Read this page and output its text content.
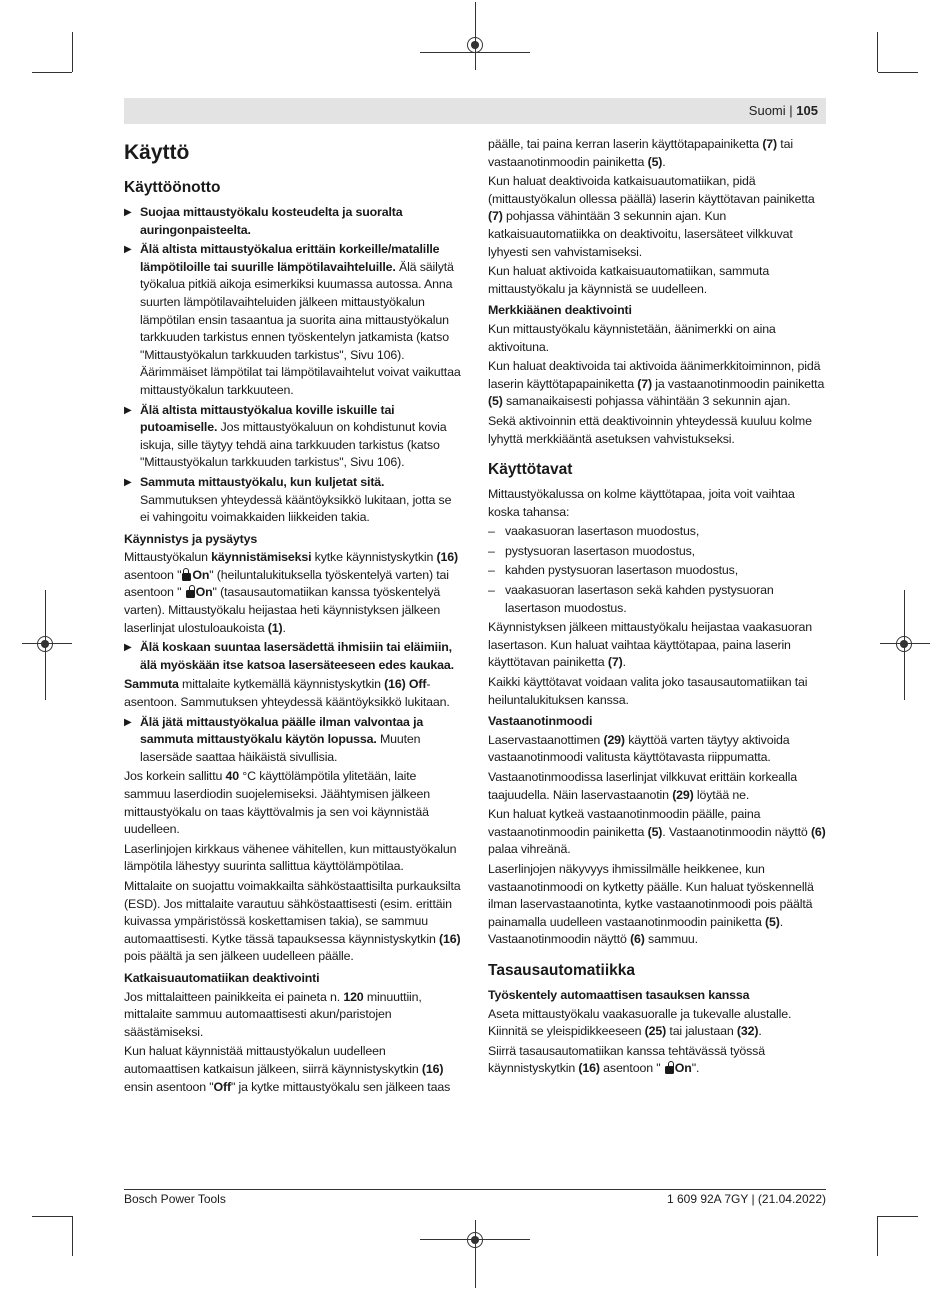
Suomi | 105
Käyttö
Käyttöönotto
▶ Suojaa mittaustyökalu kosteudelta ja suoralta auringonpaisteelta.
▶ Älä altista mittaustyökalua erittäin korkeille/matalille lämpötiloille tai suurille lämpötilavaihteluille. Älä säilytä työkalua pitkiä aikoja esimerkiksi kuumassa autossa. Anna suurten lämpötilavaihteluiden jälkeen mittaustyökalun lämpötilan ensin tasaantua ja suorita aina mittaustyökalun tarkkuuden tarkistus ennen työskentelyn jatkamista (katso "Mittaustyökalun tarkkuuden tarkistus", Sivu 106). Äärimmäiset lämpötilat tai lämpötilavaihtelut voivat vaikuttaa mittaustyökalun tarkkuuteen.
▶ Älä altista mittaustyökalua koville iskuille tai putoamiselle. Jos mittaustyökaluun on kohdistunut kovia iskuja, sille täytyy tehdä aina tarkkuuden tarkistus (katso "Mittaustyökalun tarkkuuden tarkistus", Sivu 106).
▶ Sammuta mittaustyökalu, kun kuljetat sitä. Sammutuksen yhteydessä kääntöyksikkö lukitaan, jotta se ei vahingoitu voimakkaiden liikkeiden takia.
Käynnistys ja pysäytys

Mittaustyökalun käynnistämiseksi kytke käynnistyskytkin (16) asentoon " On" (heiluntalukituksella työskentelyä varten) tai asentoon "
On" (tasausautomatiikan kanssa työskentelyä varten). Mittaustyökalu heijastaa heti käynnistyksen jälkeen laserlinjat ulostuloaukoista (1).

▶ Älä koskaan suuntaa lasersädettä ihmisiin tai eläimiin, älä myöskään itse katsoa lasersäteeseen edes kaukaa.

Sammuta mittalaite kytkemällä käynnistyskytkin (16) Off-asentoon. Sammutuksen yhteydessä kääntöyksikkö lukitaan.

▶ Älä jätä mittaustyökalua päälle ilman valvontaa ja sammuta mittaustyökalu käytön lopussa. Muuten lasersäde saattaa häikäistä sivullisia.

Jos korkein sallittu 40 °C käyttölämpötila ylitetään, laite sammuu laserdiodin suojelemiseksi. Jäähtymisen jälkeen mittaustyökalu on taas käyttövalmis ja sen voi käynnistää uudelleen.

Laserlinjojen kirkkaus vähenee vähitellen, kun mittaustyökalun lämpötila lähestyy suurinta sallittua käyttölämpötilaa.

Mittalaite on suojattu voimakkailta sähköstaattisilta purkauksilta (ESD). Jos mittalaite varautuu sähköstaattisesti (esim. erittäin kuivassa ympäristössä koskettamisen takia), se sammuu automaattisesti. Kytke tässä tapauksessa käynnistyskytkin (16) pois päältä ja sen jälkeen uudelleen päälle.

Katkaisuautomatiikan deaktivointi

Jos mittalaitteen painikkeita ei paineta n. 120 minuuttiin, mittalaite sammuu automaattisesti akun/paristojen säästämiseksi.

Kun haluat käynnistää mittaustyökalun uudelleen automaattisen katkaisun jälkeen, siirrä käynnistyskytkin (16) ensin asentoon "Off" ja kytke mittaustyökalu sen jälkeen taas

päälle, tai paina kerran laserin käyttötapapainiketta (7) tai vastaanotinmoodin painiketta (5).

Kun haluat deaktivoida katkaisuautomatiikan, pidä (mittaustyökalun ollessa päällä) laserin käyttötavan painiketta (7) pohjassa vähintään 3 sekunnin ajan. Kun katkaisuautomatiikka on deaktivoitu, lasersäteet vilkkuvat lyhyesti sen vahvistamiseksi.

Kun haluat aktivoida katkaisuautomatiikan, sammuta mittaustyökalu ja käynnistä se uudelleen.

Merkkiäänen deaktivointi

Kun mittaustyökalu käynnistetään, äänimerkki on aina aktivoituna.

Kun haluat deaktivoida tai aktivoida äänimerkkitoiminnon, pidä laserin käyttötapapainiketta (7) ja vastaanotinmoodin painiketta (5) samanaikaisesti pohjassa vähintään 3 sekunnin ajan.

Sekä aktivoinnin että deaktivoinnin yhteydessä kuuluu kolme lyhyttä merkkiääntä asetuksen vahvistukseksi.

Käyttötavat

Mittaustyökalussa on kolme käyttötapaa, joita voit vaihtaa koska tahansa:

– vaakasuoran lasertason muodostus,
– pystysuoran lasertason muodostus,
– kahden pystysuoran lasertason muodostus,
– vaakasuoran lasertason sekä kahden pystysuoran lasertason muodostus.

Käynnistyksen jälkeen mittaustyökalu heijastaa vaakasuoran lasertason. Kun haluat vaihtaa käyttötapaa, paina laserin käyttötavan painiketta (7).

Kaikki käyttötavat voidaan valita joko tasausautomatiikan tai heiluntalukituksen kanssa.

Vastaanotinmoodi

Laservastaanottimen (29) käyttöä varten täytyy aktivoida vastaanotinmoodi valitusta käyttötavasta riippumatta.

Vastaanotinmoodissa laserlinjat vilkkuvat erittäin korkealla taajuudella. Näin laservastaanotin (29) löytää ne.

Kun haluat kytkeä vastaanotinmoodin päälle, paina vastaanotinmoodin painiketta (5). Vastaanotinmoodin näyttö (6) palaa vihreänä.

Laserlinjojen näkyvyys ihmissilmälle heikkenee, kun vastaanotinmoodi on kytketty päälle. Kun haluat työskennellä ilman laservastaanotinta, kytke vastaanotinmoodi pois päältä painamalla uudelleen vastaanotinmoodin painiketta (5). Vastaanotinmoodin näyttö (6) sammuu.

Tasausautomatiikka
Työskentely automaattisen tasauksen kanssa

Aseta mittaustyökalu vaakasuoralle ja tukevalle alustalle. Kiinnitä se yleispidikkeeseen (25) tai jalustaan (32).

Siirrä tasausautomatiikan kanssa tehtävässä työssä käynnistyskytkin (16) asentoon "
On".

Bosch Power Tools	1 609 92A 7GY | (21.04.2022)
